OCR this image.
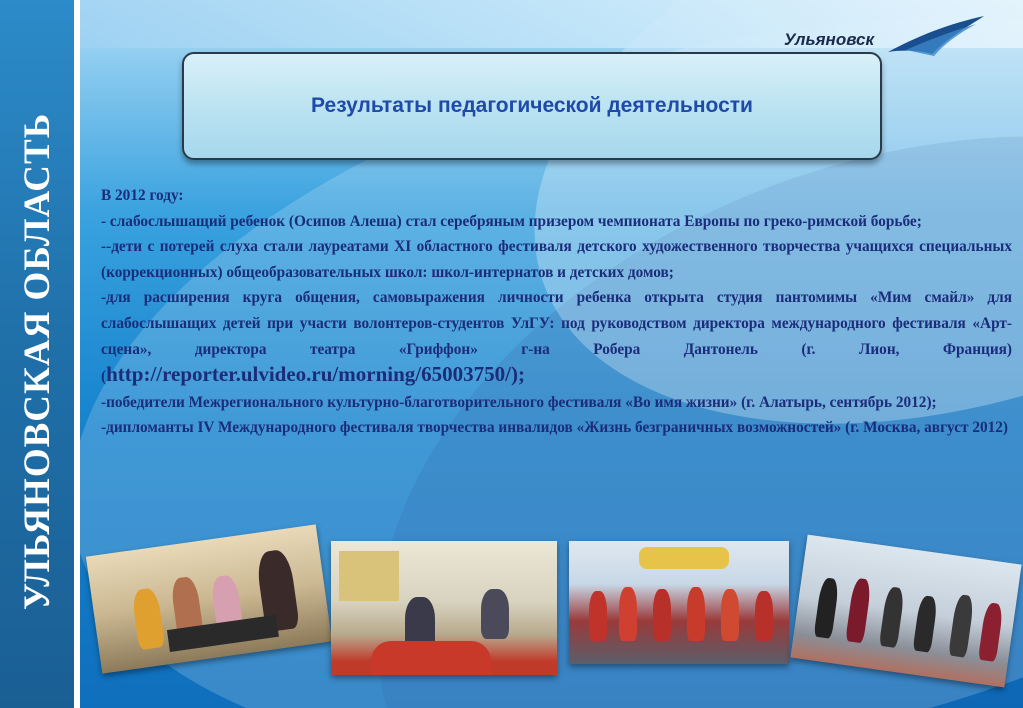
УЛЬЯНОВСКАЯ ОБЛАСТЬ
Ульяновск
Результаты педагогической деятельности

В 2012 году:

- слабослышащий ребенок (Осипов Алеша) стал серебряным призером чемпионата Европы по греко-римской борьбе;

--дети с потерей слуха стали лауреатами XI областного фестиваля детского художественного творчества учащихся специальных (коррекционных) общеобразовательных школ: школ-интернатов и детских домов;

-для расширения круга общения, самовыражения личности ребенка открыта студия пантомимы «Мим смайл» для слабослышащих детей при участи волонтеров-студентов УлГУ: под руководством директора международного фестиваля «Арт-сцена», директора театра «Гриффон» г-на Робера Дантонель (г. Лион, Франция) (http://reporter.ulvideo.ru/morning/65003750/);

-победители Межрегионального культурно-благотворительного фестиваля «Во имя жизни» (г. Алатырь, сентябрь 2012);

-дипломанты IV Международного фестиваля творчества инвалидов «Жизнь безграничных возможностей» (г. Москва, август 2012)
